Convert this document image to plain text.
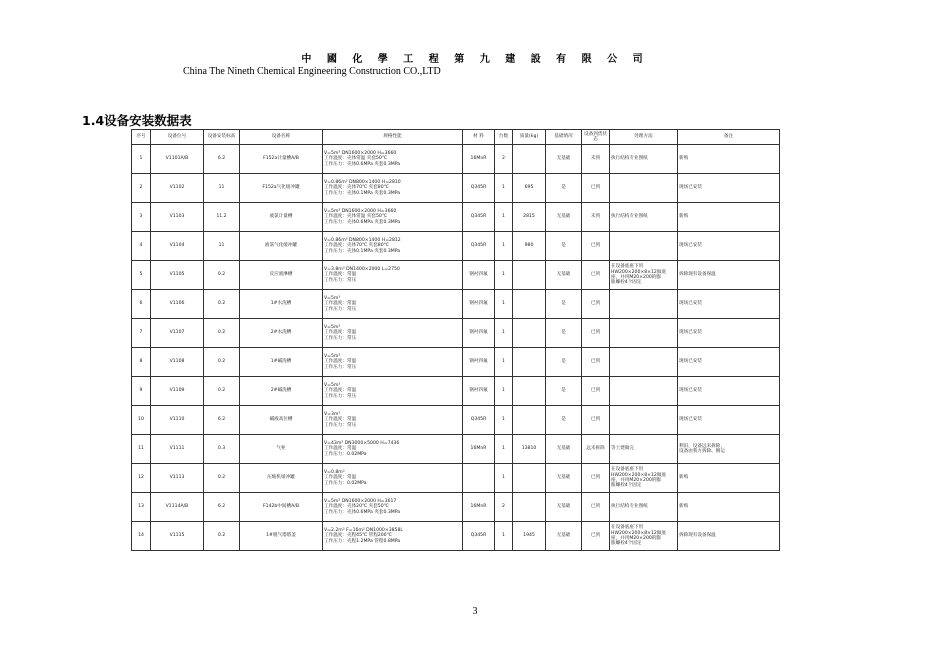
中 國 化 學 工 程 第 九 建 設 有 限 公 司
China The Nineth Chemical Engineering Construction CO.,LTD
1.4设备安装数据表
序号	设备位号	设备安装标高	设备名称	规格性能	材 料	台数	质量(kg)	基础情况	设备到货状态	处理方法	备注
1	V1101A/B	6.2	F152a计量槽A/B	V=5m³ DN1600×2000 H=3660
工作温度：壳体常温 夹套50℃
工作压力：壳体0.6MPa 夹套0.3MPa	16MnR	2		无基础	未到	执行结构专业图纸	新购
2	V1102	11	F152a气化缓冲罐	V=0.86m³ DN800×1400 H=2810
工作温度：壳体70℃ 夹套80℃
工作压力：壳体0.1MPa 夹套0.3MPa	Q345R	1	695	是	已到		现场已安装
3	V1103	11.2	液氯计量槽	V=5m³ DN1600×2000 H=3660
工作温度：壳体常温 夹套50℃
工作压力：壳体0.6MPa 夹套0.3MPa	Q345R	1	2815	无基础	未到	执行结构专业图纸	新购
4	V1104	11	液氯气化缓冲罐	V=0.86m³ DN800×1400 H=2812
工作温度：壳体70℃ 夹套80℃
工作压力：壳体0.1MPa 夹套0.3MPa	Q345R	1	980	是	已到		现场已安装
5	V1105	0.2	反应液淋槽	V=3.8m³ DN1400×2000 L=2750
工作温度：常温
工作压力：常压	钢衬四氟	1		无基础	已到	在设备底座下用
HW200×200×8×12做底
座，并用M20×200的膨
胀螺栓4个固定	拆除现有设备保温
6	V1106	0.2	1#水洗槽	V=5m³
工作温度：常温
工作压力：常压	钢衬四氟	1		是	已到		现场已安装
7	V1107	0.2	2#水洗槽	V=5m³
工作温度：常温
工作压力：常压	钢衬四氟	1		是	已到		现场已安装
8	V1108	0.2	1#碱洗槽	V=5m³
工作温度：常温
工作压力：常压	钢衬四氟	1		是	已到		现场已安装
9	V1109	0.2	2#碱洗槽	V=5m³
工作温度：常温
工作压力：常压	钢衬四氟	1		是	已到		现场已安装
10	V1110	6.2	碱液高位槽	V=3m³
工作温度：常温
工作压力：常压	Q345R	1		是	已到		现场已安装
11	V1111	0.3	气柜	V=43m³ DN3000×5000 H=7436
工作温度：常温
工作压力：0.02MPa	16MnR	1	13810	无基础	远未拆除	等土建做完	利旧，设备远未拆除，
设备由我方拆除、倒运
12	V1113	0.2	压缩机缓冲罐	V=0.8m³
工作温度：常温
工作压力：0.02MPa		1		无基础	已到	在设备底座下用
HW200×200×8×12做底
座，并用M20×200的膨
胀螺栓4个固定	新购
13	V1114A/B	6.2	F142b中间槽A/B	V=5m³ DN1600×2000 H=3617
工作温度：壳体20℃ 夹套50℃
工作压力：壳体0.6MPa 夹套0.3MPa	16MnR	2		无基础	已到	执行结构专业图纸	新购
14	V1115	0.2	1#脱气塔塔釜	V=2.2m³ F=16m² DN1000×3858L
工作温度：壳程45℃ 管程200℃
工作压力：壳程1.2MPa 管程0.8MPa	Q345R	1	1945	无基础	已到	在设备底座下用
HW200×200×8×12做底
座，并用M20×200的膨
胀螺栓4个固定	拆除现有设备保温
3
